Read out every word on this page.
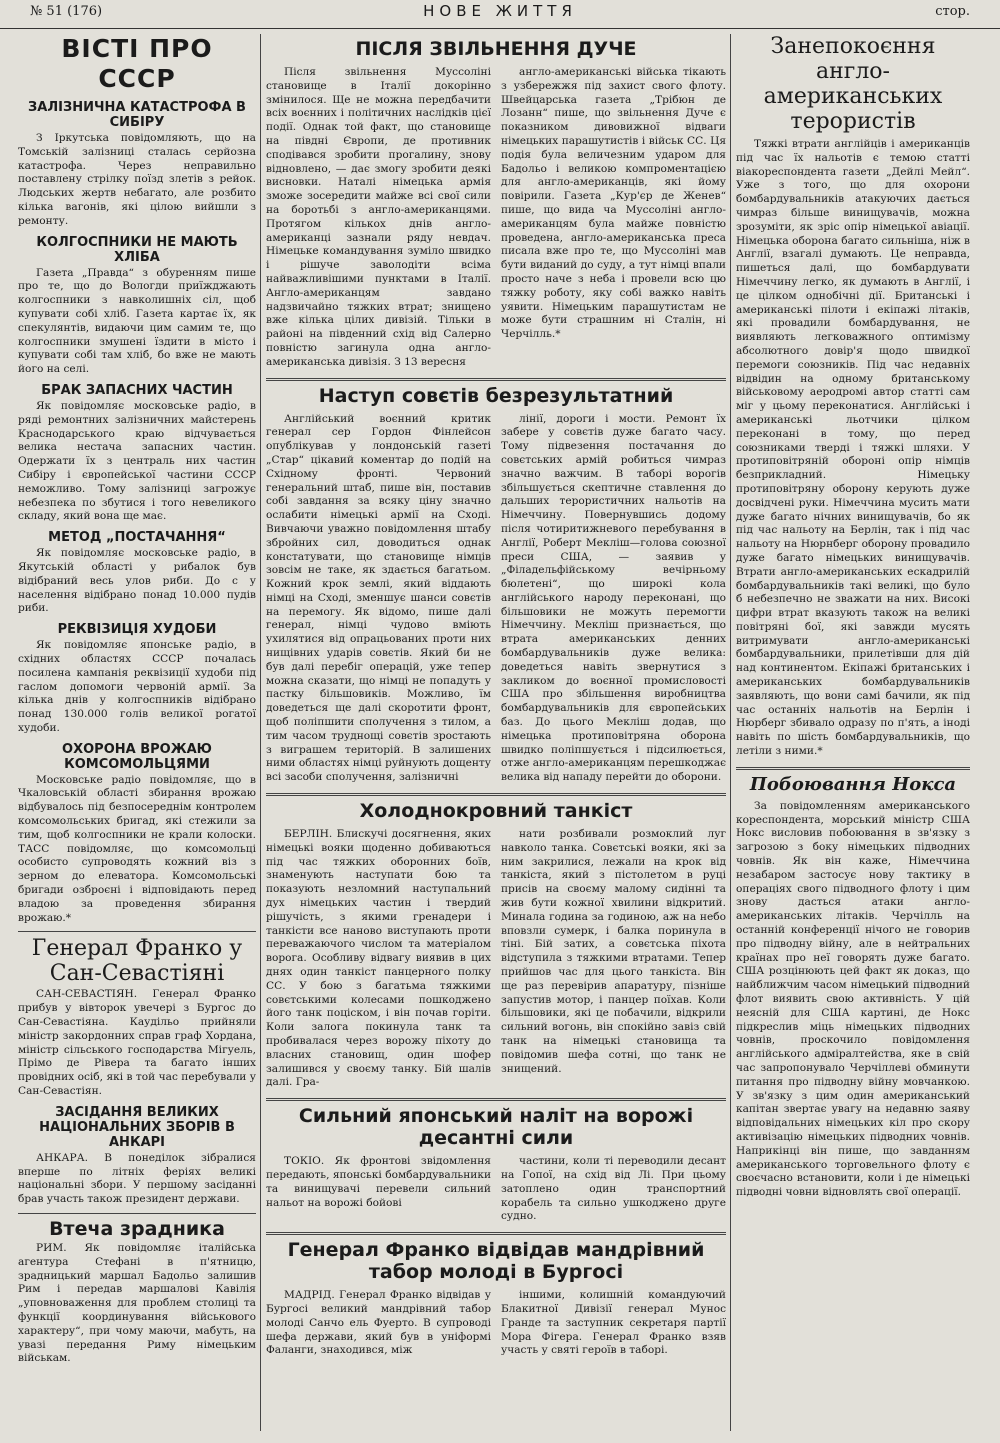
№ 51 (176)	НОВЕ ЖИТТЯ	стор.
ВІСТІ ПРО СССР
ЗАЛІЗНИЧНА КАТАСТРОФА В СИБІРУ

З Іркутська повідомляють, що на Томській залізниці сталась серйозна катастрофа. Через неправильно поставлену стрілку поїзд злетів з рейок. Людських жертв небагато, але розбито кілька вагонів, які цілою вийшли з ремонту.

КОЛГОСПНИКИ НЕ МАЮТЬ ХЛІБА

Газета „Правда“ з обуренням пише про те, що до Вологди приїжджають колгоспники з навколишніх сіл, щоб купувати собі хліб. Газета картає їх, як спекулянтів, видаючи цим самим те, що колгоспники змушені їздити в місто і купувати собі там хліб, бо вже не мають його на селі.

БРАК ЗАПАСНИХ ЧАСТИН

Як повідомляє московське радіо, в ряді ремонтних залізничних майстерень Краснодарського краю відчувається велика нестача запасних частин. Одержати їх з централь них частин Сибіру і європейської частини СССР неможливо. Тому залізниці загрожує небезпека по збутися і того невеликого складу, який вона ще має.

МЕТОД „ПОСТАЧАННЯ“

Як повідомляє московське радіо, в Якутській області у рибалок був відібраний весь улов риби. До с у населення відібрано понад 10.000 пудів риби.

РЕКВІЗИЦІЯ ХУДОБИ

Як повідомляє японське радіо, в східних областях СССР почалась посилена кампанія реквізиції худоби під гаслом допомоги червоній армії. За кілька днів у колгоспників відібрано понад 130.000 голів великої рогатої худоби.

ОХОРОНА ВРОЖАЮ КОМСОМОЛЬЦЯМИ

Московське радіо повідомляє, що в Чкаловській області збирання врожаю відбувалось під безпосереднім контролем комсомольських бригад, які стежили за тим, щоб колгоспники не крали колоски. ТАСС повідомляє, що комсомольці особисто супроводять кожний віз з зерном до елеватора. Комсомольські бригади озброєні і відповідають перед владою за проведення збирання врожаю.*

Генерал Франко у Сан-Севастіяні

САН-СЕВАСТІЯН. Генерал Франко прибув у вівторок увечері з Бургос до Сан-Севастіяна. Каудільо прийняли міністр закордонних справ граф Хордана, міністр сільського господарства Мігуель, Прімо де Рівера та багато інших провідних осіб, які в той час перебували у Сан-Севастіян.

ЗАСІДАННЯ ВЕЛИКИХ НАЦІОНАЛЬНИХ ЗБОРІВ В АНКАРІ

АНКАРА. В понеділок зібралися вперше по літніх феріях великі національні збори. У першому засіданні брав участь також президент держави.

Втеча зрадника

РИМ. Як повідомляє італійська агентура Стефані в п'ятницю, зрадницький маршал Бадольо залишив Рим і передав маршалові Кавілія „уповноваження для проблем столиці та функції координування військового характеру“, при чому маючи, мабуть, на увазі передання Риму німецьким військам.

ПІСЛЯ ЗВІЛЬНЕННЯ ДУЧЕ

Після звільнення Муссоліні становище в Італії докорінно змінилося. Ще не можна передбачити всіх воєнних і політичних наслідків цієї події. Однак той факт, що становище на півдні Європи, де противник сподівався зробити прогалину, знову відновлено, — дає змогу зробити деякі висновки. Наталі німецька армія зможе зосередити майже всі свої сили на боротьбі з англо-американцями. Протягом кількох днів англо-американці зазнали ряду невдач. Німецьке командування зуміло швидко і рішуче заволодіти всіма найважливішими пунктами в Італії. Англо-американцям завдано надзвичайно тяжких втрат; знищено вже кілька цілих дивізій. Тільки в районі на південний схід від Салерно повністю загинула одна англо-американська дивізія. З 13 вересня

англо-американські війська тікають з узбережжя під захист свого флоту. Швейцарська газета „Трібюн де Лозанн“ пише, що звільнення Дуче є показником дивовижної відваги німецьких парашутистів і військ СС. Ця подія була величезним ударом для Бадольо і великою компроментацією для англо-американців, які йому повірили. Газета „Кур'єр де Женев“ пише, що вида ча Муссоліні англо-американцям була майже повністю проведена, англо-американська преса писала вже про те, що Муссоліні мав бути виданий до суду, а тут німці впали просто наче з неба і провели всю цю тяжку роботу, яку собі важко навіть уявити. Німецьким парашутистам не може бути страшним ні Сталін, ні Черчілль.*

Наступ совєтів безрезультатний

Англійський воєнний критик генерал сер Гордон Фінлейсон опублікував у лондонській газеті „Стар“ цікавий коментар до подій на Східному фронті. Червоний генеральний штаб, пише він, поставив собі завдання за всяку ціну значно ослабити німецькі армії на Сході. Вивчаючи уважно повідомлення штабу збройних сил, доводиться однак констатувати, що становище німців зовсім не таке, як здається багатьом. Кожний крок землі, який віддають німці на Сході, зменшує шанси совєтів на перемогу. Як відомо, пише далі генерал, німці чудово вміють ухилятися від опрацьованих проти них нищівних ударів совєтів. Який би не був далі перебіг операцій, уже тепер можна сказати, що німці не попадуть у пастку більшовиків. Можливо, їм доведеться ще далі скоротити фронт, щоб поліпшити сполучення з тилом, а тим часом труднощі совєтів зростають з виграшем територій. В залишених ними областях німці руйнують дощенту всі засоби сполучення, залізничні

лінії, дороги і мости. Ремонт їх забере у совєтів дуже багато часу. Тому підвезення постачання до совєтських армій робиться чимраз значно важчим. В таборі ворогів збільшується скептичне ставлення до дальших терористичних нальотів на Німеччину. Повернувшись додому після чотиритижневого перебування в Англії, Роберт Мекліш—голова союзної преси США, — заявив у „Філадельфійському вечірньому бюлетені“, що широкі кола англійського народу переконані, що більшовики не можуть перемогти Німеччину. Мекліш признається, що втрата американських денних бомбардувальників дуже велика: доведеться навіть звернутися з закликом до воєнної промисловості США про збільшення виробництва бомбардувальників для європейських баз. До цього Мекліш додав, що німецька протиповітряна оборона швидко поліпшується і підсилюється, отже англо-американцям перешкоджає велика від нападу перейти до оборони.

Холоднокровний танкіст

БЕРЛІН. Блискучі досягнення, яких німецькі вояки щоденно добиваються під час тяжких оборонних боїв, знаменують наступати бою та показують незломний наступальний дух німецьких частин і твердий рішучість, з якими гренадери і танкісти все наново виступають проти переважаючого числом та матеріалом ворога. Особливу відвагу виявив в цих днях один танкіст панцерного полку СС. У бою з багатьма тяжкими совєтськими колесами пошкоджено його танк поціском, і він почав горіти. Коли залога покинула танк та пробивалася через ворожу піхоту до власних становищ, один шофер залишився у своєму танку. Бій шалів далі. Гра-

нати розбивали розмоклий луг навколо танка. Совєтські вояки, які за ним закрилися, лежали на крок від танкіста, який з пістолетом в руці присів на своєму малому сидінні та жив бути кожної хвилини відкритий. Минала година за годиною, аж на небо вповзли сумерк, і балка поринула в тіні. Бій затих, а совєтська піхота відступила з тяжкими втратами. Тепер прийшов час для цього танкіста. Він ще раз перевірив апаратуру, пізніше запустив мотор, і панцер поїхав. Коли більшовики, які це побачили, відкрили сильний вогонь, він спокійно завіз свій танк на німецькі становища та повідомив шефа сотні, що танк не знищений.

Сильний японський наліт на ворожі десантні сили

ТОКІО. Як фронтові звідомлення передають, японські бомбардувальники та винищувачі перевели сильний нальот на ворожі бойові

частини, коли ті переводили десант на Гопої, на схід від Лі. При цьому затоплено один транспортний корабель та сильно ушкоджено друге судно.

Генерал Франко відвідав мандрівний табор молоді в Бургосі

МАДРІД. Генерал Франко відвідав у Бургосі великий мандрівний табор молоді Санчо ель Фуерто. В супроводі шефа держави, який був в уніформі Фаланги, знаходився, між

іншими, колишній командуючий Блакитної Дивізії генерал Мунос Гранде та заступник секретаря партії Мора Фігера. Генерал Франко взяв участь у святі героїв в таборі.

Занепокоєння англо-американських терористів

Тяжкі втрати англійців і американців під час їх нальотів є темою статті віакореспондента газети „Дейлі Мейл“. Уже з того, що для охорони бомбардувальників атакуючих дається чимраз більше винищувачів, можна зрозуміти, як зріс опір німецької авіації. Німецька оборона багато сильніша, ніж в Англії, взагалі думають. Це неправда, пишеться далі, що бомбардувати Німеччину легко, як думають в Англії, і це цілком однобічні дії. Британські і американські пілоти і екіпажі літаків, які провадили бомбардування, не виявляють легковажного оптимізму абсолютного довір'я щодо швидкої перемоги союзників. Під час недавніх відвідин на одному британському військовому аеродромі автор статті сам міг у цьому переконатися. Англійські і американські льотчики цілком переконані в тому, що перед союзниками тверді і тяжкі шляхи. У протиповітряній обороні опір німців безприкладний. Німецьку протиповітряну оборону керують дуже досвідчені руки. Німеччина мусить мати дуже багато нічних винищувачів, бо як під час нальоту на Берлін, так і під час нальоту на Нюрнберг оборону провадило дуже багато німецьких винищувачів. Втрати англо-американських ескадрилій бомбардувальників такі великі, що було б небезпечно не зважати на них. Високі цифри втрат вказують також на великі повітряні бої, які завжди мусять витримувати англо-американські бомбардувальники, прилетівши для дій над континентом. Екіпажі британських і американських бомбардувальників заявляють, що вони самі бачили, як під час останніх нальотів на Берлін і Нюрберг збивало одразу по п'ять, а іноді навіть по шість бомбардувальників, що летіли з ними.*

Побоювання Нокса

За повідомленням американського кореспондента, морський міністр США Нокс висловив побоювання в зв'язку з загрозою з боку німецьких підводних човнів. Як він каже, Німеччина незабаром застосує нову тактику в операціях свого підводного флоту і цим знову дасться атаки англо-американських літаків. Черчілль на останній конференції нічого не говорив про підводну війну, але в нейтральних країнах про неї говорять дуже багато. США розцінюють цей факт як доказ, що найближчим часом німецький підводний флот виявить свою активність. У цій неясній для США картині, де Нокс підкреслив міць німецьких підводних човнів, проскочило повідомлення англійського адміралтейства, яке в свій час запропонувало Черчіллеві обминути питання про підводну війну мовчанкою. У зв'язку з цим один американський капітан звертає увагу на недавню заяву відповідальних німецьких кіл про скору активізацію німецьких підводних човнів. Наприкінці він пише, що завданням американського торговельного флоту є своєчасно встановити, коли і де німецькі підводні човни відновлять свої операції.
